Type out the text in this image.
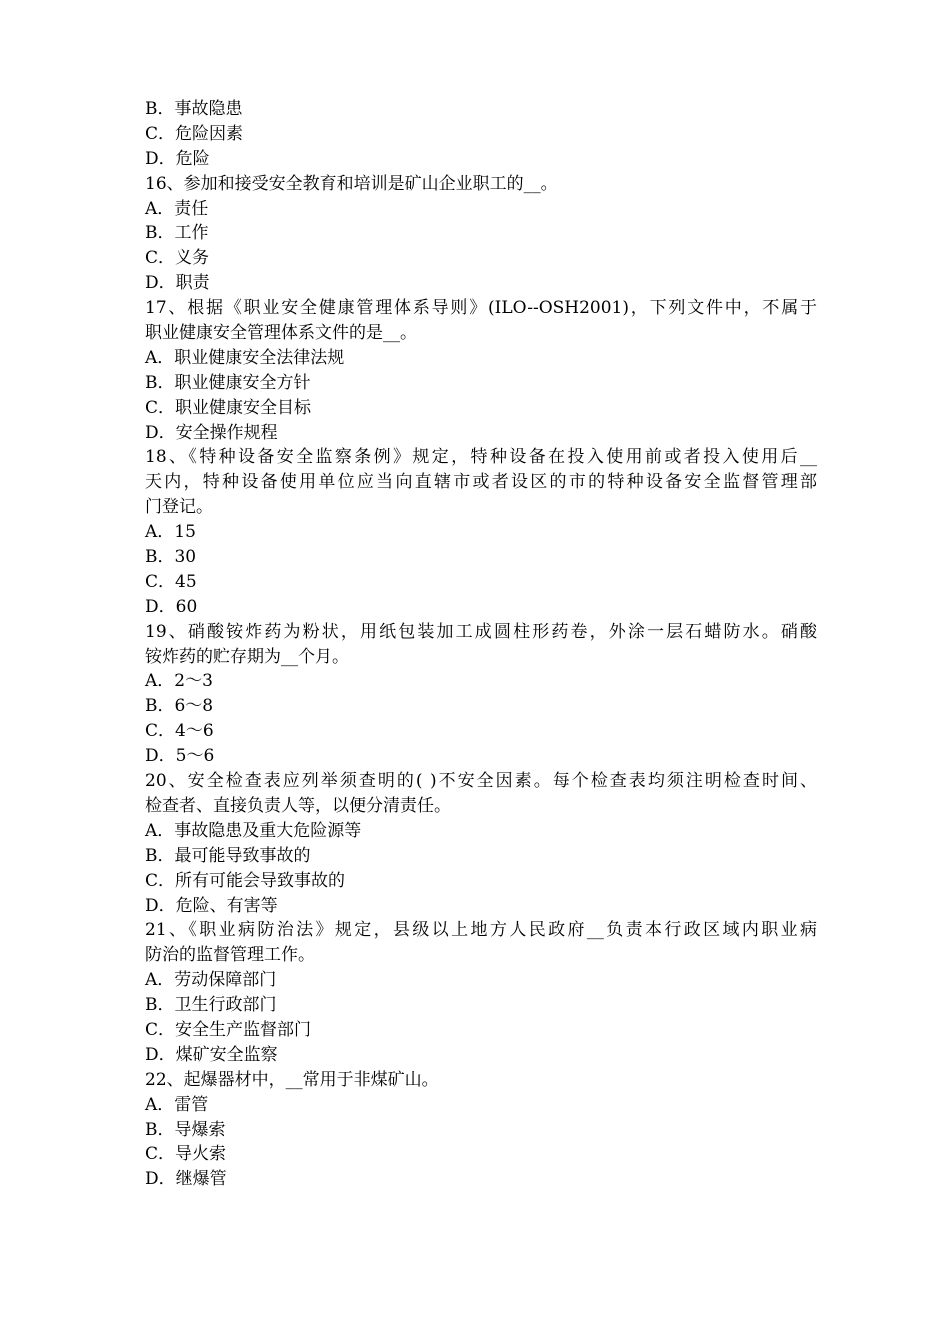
B．事故隐患
C．危险因素
D．危险
16、参加和接受安全教育和培训是矿山企业职工的__。
A．责任
B．工作
C．义务
D．职责
17、根据《职业安全健康管理体系导则》(ILO--OSH2001)，下列文件中，不属于
职业健康安全管理体系文件的是__。
A．职业健康安全法律法规
B．职业健康安全方针
C．职业健康安全目标
D．安全操作规程
18、《特种设备安全监察条例》规定，特种设备在投入使用前或者投入使用后__
天内，特种设备使用单位应当向直辖市或者设区的市的特种设备安全监督管理部
门登记。
A．15
B．30
C．45
D．60
19、硝酸铵炸药为粉状，用纸包装加工成圆柱形药卷，外涂一层石蜡防水。硝酸
铵炸药的贮存期为__个月。
A．2～3
B．6～8
C．4～6
D．5～6
20、安全检查表应列举须查明的( )不安全因素。每个检查表均须注明检查时间、
检查者、直接负责人等，以便分清责任。
A．事故隐患及重大危险源等
B．最可能导致事故的
C．所有可能会导致事故的
D．危险、有害等
21、《职业病防治法》规定，县级以上地方人民政府__负责本行政区域内职业病
防治的监督管理工作。
A．劳动保障部门
B．卫生行政部门
C．安全生产监督部门
D．煤矿安全监察
22、起爆器材中，__常用于非煤矿山。
A．雷管
B．导爆索
C．导火索
D．继爆管
